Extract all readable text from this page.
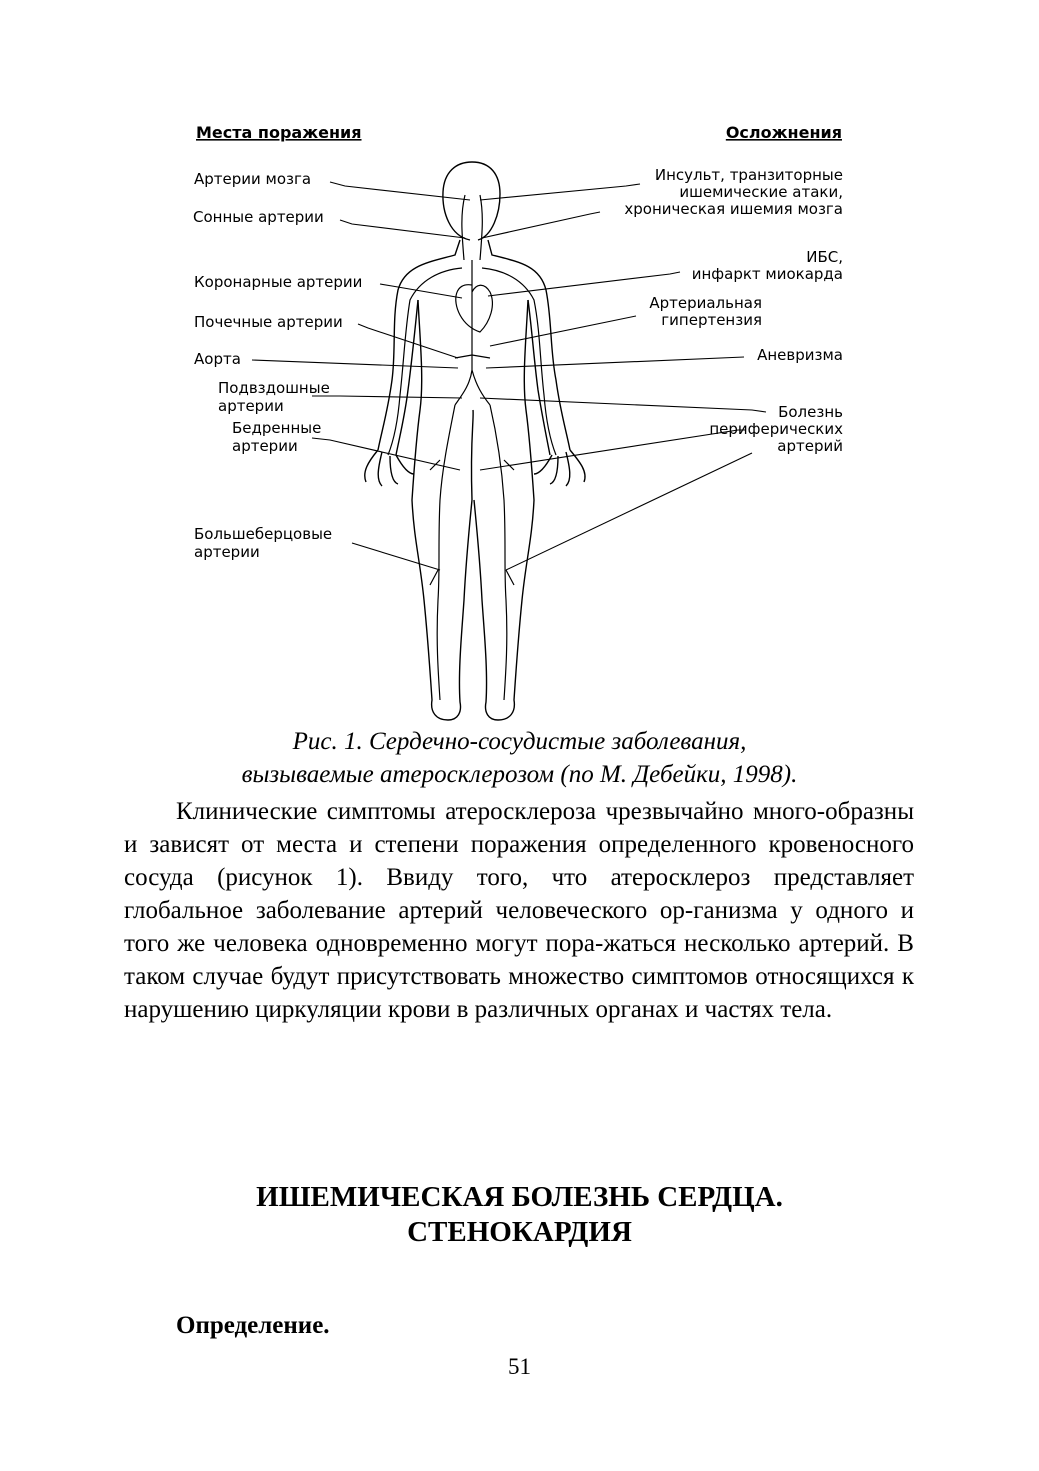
Места поражения	Осложнения
Артерии мозга
Сонные артерии
Коронарные артерии
Почечные артерии
Аорта
Подвздошные
артерии
Бедренные
артерии
Большеберцовые
артерии
Инсульт, транзиторные
ишемические атаки,
хроническая ишемия мозга
ИБС,
инфаркт миокарда
Артериальная
гипертензия
Аневризма
Болезнь
периферических
артерий
Рис. 1. Сердечно-сосудистые заболевания,
вызываемые атеросклерозом (по М. Дебейки, 1998).

Клинические симптомы атеросклероза чрезвычайно много-образны и зависят от места и степени поражения определенного кровеносного сосуда (рисунок 1). Ввиду того, что атеросклероз представляет глобальное заболевание артерий человеческого ор-ганизма у одного и того же человека одновременно могут пора-жаться несколько артерий. В таком случае будут присутствовать множество симптомов относящихся к нарушению циркуляции крови в различных органах и частях тела.

ИШЕМИЧЕСКАЯ БОЛЕЗНЬ СЕРДЦА.
СТЕНОКАРДИЯ
Определение.
51
